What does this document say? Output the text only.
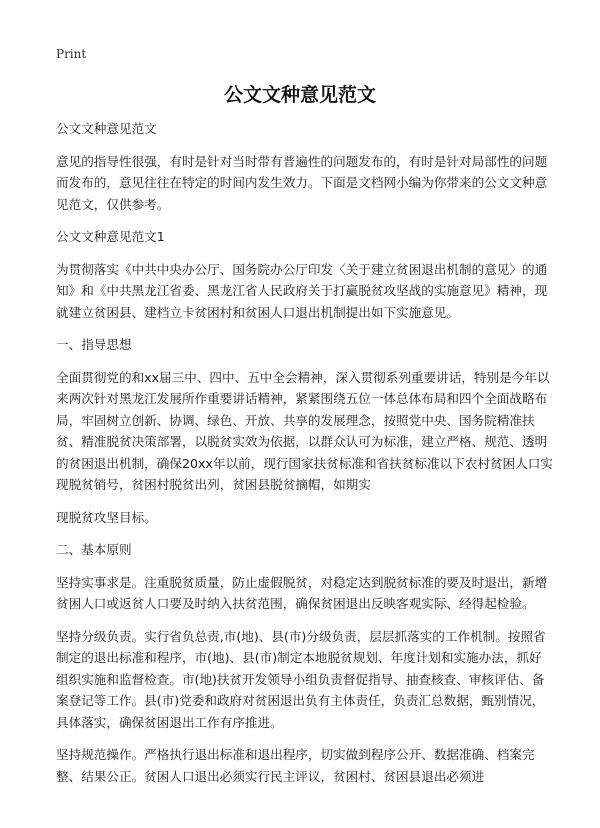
Print
公文文种意见范文

公文文种意见范文

意见的指导性很强，有时是针对当时带有普遍性的问题发布的，有时是针对局部性的问题而发布的，意见往往在特定的时间内发生效力。下面是文档网小编为你带来的公文文种意见范文，仅供参考。

公文文种意见范文1

为贯彻落实《中共中央办公厅、国务院办公厅印发〈关于建立贫困退出机制的意见〉的通知》和《中共黑龙江省委、黑龙江省人民政府关于打赢脱贫攻坚战的实施意见》精神，现就建立贫困县、建档立卡贫困村和贫困人口退出机制提出如下实施意见。

一、指导思想

全面贯彻党的和xx届三中、四中、五中全会精神，深入贯彻系列重要讲话，特别是今年以来两次针对黑龙江发展所作重要讲话精神，紧紧围绕五位一体总体布局和四个全面战略布局，牢固树立创新、协调、绿色、开放、共享的发展理念，按照党中央、国务院精准扶贫、精准脱贫决策部署，以脱贫实效为依据，以群众认可为标准，建立严格、规范、透明的贫困退出机制，确保20xx年以前，现行国家扶贫标准和省扶贫标准以下农村贫困人口实现脱贫销号，贫困村脱贫出列，贫困县脱贫摘帽，如期实

现脱贫攻坚目标。

二、基本原则

坚持实事求是。注重脱贫质量，防止虚假脱贫，对稳定达到脱贫标准的要及时退出，新增贫困人口或返贫人口要及时纳入扶贫范围，确保贫困退出反映客观实际、经得起检验。

坚持分级负责。实行省负总责,市(地)、县(市)分级负责，层层抓落实的工作机制。按照省制定的退出标准和程序，市(地)、县(市)制定本地脱贫规划、年度计划和实施办法，抓好组织实施和监督检查。市(地)扶贫开发领导小组负责督促指导、抽查核查、审核评估、备案登记等工作。县(市)党委和政府对贫困退出负有主体责任，负责汇总数据，甄别情况，具体落实，确保贫困退出工作有序推进。

坚持规范操作。严格执行退出标准和退出程序，切实做到程序公开、数据准确、档案完整、结果公正。贫困人口退出必须实行民主评议，贫困村、贫困县退出必须进
